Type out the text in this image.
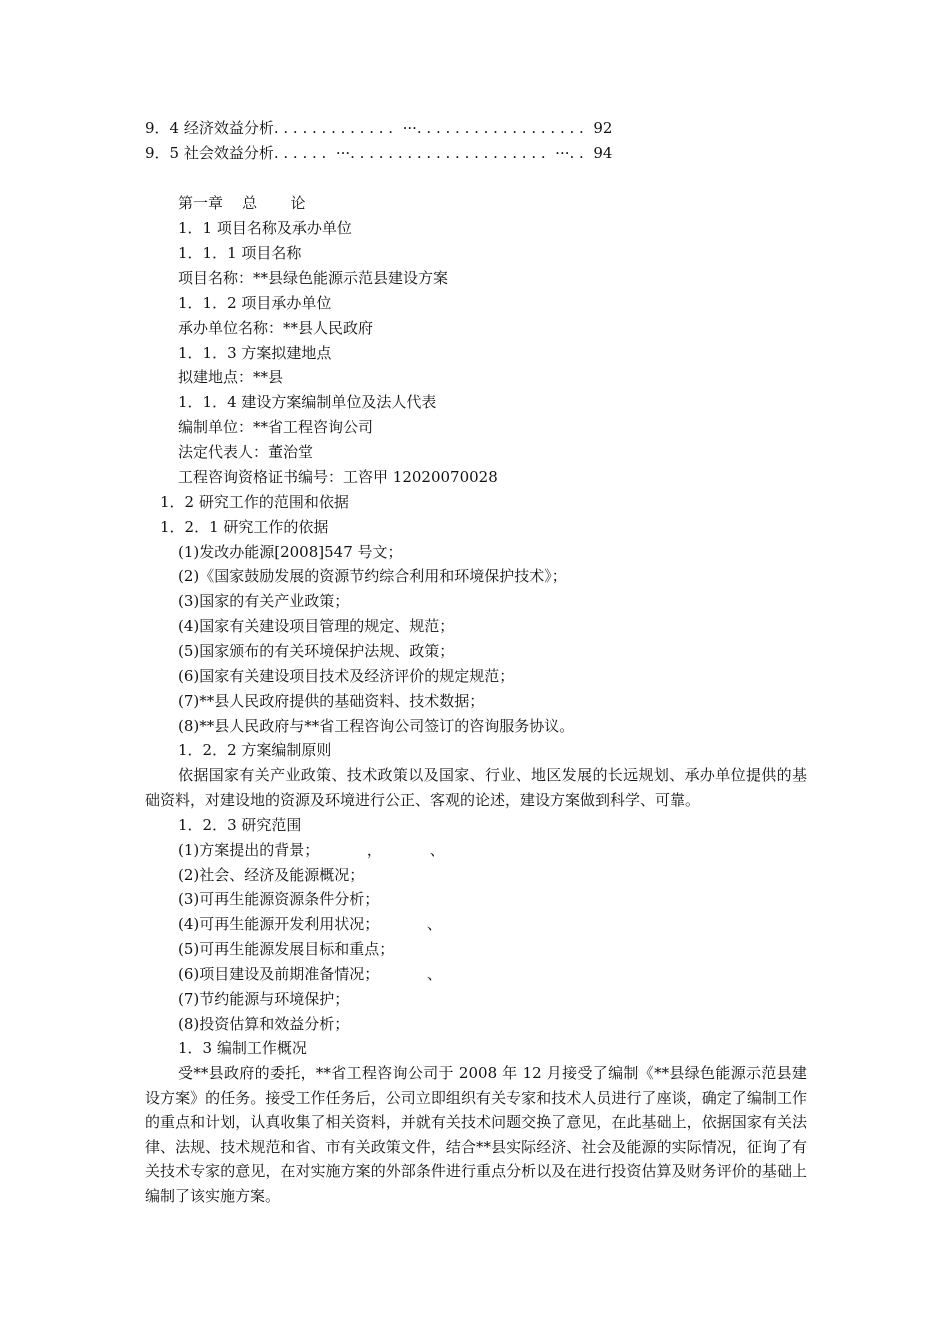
9．4 经济效益分析. . . . . . . . . . . . .  ···. . . . . . . . . . . . . . . . . .  92
9．5 社会效益分析. . . . . .  ···. . . . . . . . . . . . . . . . . . . . .  ···. .  94
第一章    总       论
1．1 项目名称及承办单位
1．1．1 项目名称
项目名称：**县绿色能源示范县建设方案
1．1．2 项目承办单位
承办单位名称：**县人民政府
1．1．3 方案拟建地点
拟建地点：**县
1．1．4 建设方案编制单位及法人代表
编制单位：**省工程咨询公司
法定代表人：董治堂
工程咨询资格证书编号：工咨甲 12020070028
1．2 研究工作的范围和依据
1．2．1 研究工作的依据
(1)发改办能源[2008]547 号文；
(2)《国家鼓励发展的资源节约综合利用和环境保护技术》；
(3)国家的有关产业政策；
(4)国家有关建设项目管理的规定、规范；
(5)国家颁布的有关环境保护法规、政策；
(6)国家有关建设项目技术及经济评价的规定规范；
(7)**县人民政府提供的基础资料、技术数据；
(8)**县人民政府与**省工程咨询公司签订的咨询服务协议。
1．2．2 方案编制原则
依据国家有关产业政策、技术政策以及国家、行业、地区发展的长远规划、承办单位提供的基础资料，对建设地的资源及环境进行公正、客观的论述，建设方案做到科学、可靠。
1．2．3 研究范围
(1)方案提出的背景；          ，          、
(2)社会、经济及能源概况；
(3)可再生能源资源条件分析；
(4)可再生能源开发利用状况；          、
(5)可再生能源发展目标和重点；
(6)项目建设及前期准备情况；          、
(7)节约能源与环境保护；
(8)投资估算和效益分析；
1．3 编制工作概况
受**县政府的委托，**省工程咨询公司于 2008 年 12 月接受了编制《**县绿色能源示范县建设方案》的任务。接受工作任务后，公司立即组织有关专家和技术人员进行了座谈，确定了编制工作的重点和计划，认真收集了相关资料，并就有关技术问题交换了意见，在此基础上，依据国家有关法律、法规、技术规范和省、市有关政策文件，结合**县实际经济、社会及能源的实际情况，征询了有关技术专家的意见，在对实施方案的外部条件进行重点分析以及在进行投资估算及财务评价的基础上编制了该实施方案。
